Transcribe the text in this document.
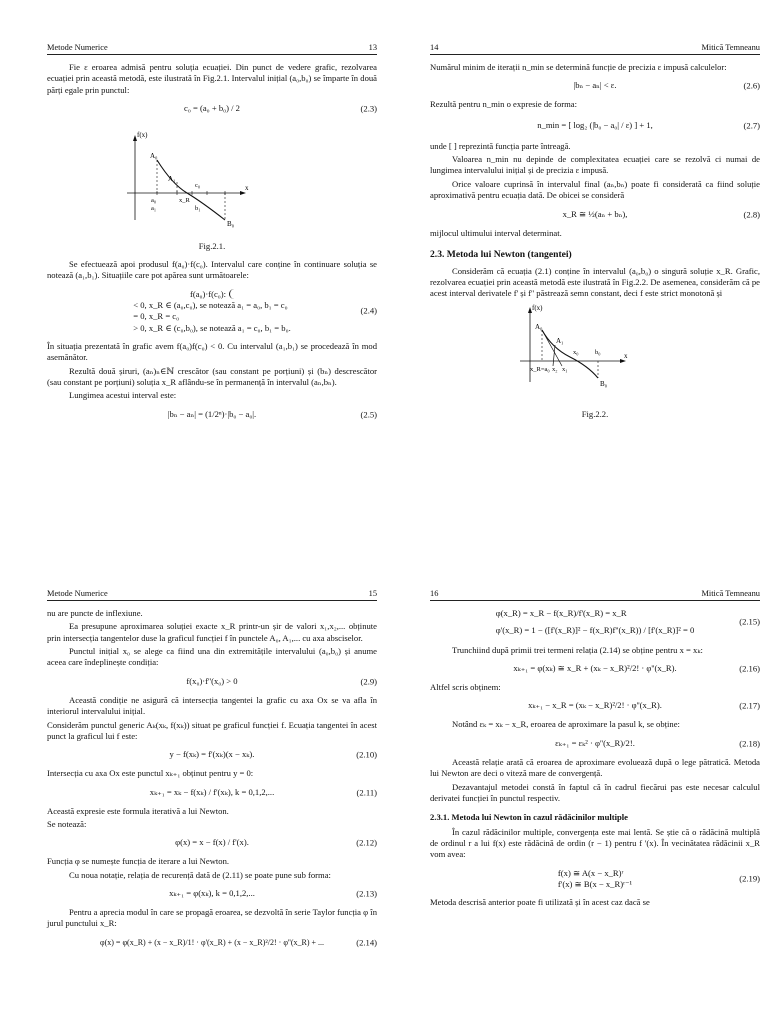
Metode Numerice	13

Fie ε eroarea admisă pentru soluția ecuației. Din punct de vedere grafic, rezolvarea ecuației prin această metodă, este ilustrată în Fig.2.1. Intervalul inițial (a₀,b₀) se împarte în două părți egale prin punctul:

c₀ = (a₀ + b₀) / 2	(2.3)
f(x)
x
A₀
A₁
c₀
x_R
a₀
a₁	b₁
B₀
Fig.2.1.

Se efectuează apoi produsul f(a₀)·f(c₀). Intervalul care conține în continuare soluția se notează (a₁,b₁). Situațiile care pot apărea sunt următoarele:

f(a₀)·f(c₀):
< 0, x_R ∈ (a₀,c₀), se notează a₁ = a₀, b₁ = c₀
= 0, x_R = c₀
> 0, x_R ∈ (c₀,b₀), se notează a₁ = c₀, b₁ = b₀.
(2.4)

În situația prezentată în grafic avem f(a₀)f(c₀) < 0. Cu intervalul (a₁,b₁) se procedează în mod asemănător.

Rezultă două șiruri, (aₙ)ₙ∈ℕ crescător (sau constant pe porțiuni) și (bₙ) descrescător (sau constant pe porțiuni) soluția x_R aflându-se în permanență în intervalul (aₙ,bₙ).

Lungimea acestui interval este:

|bₙ − aₙ| = (1/2ⁿ)·|b₀ − a₀|.	(2.5)
14	Mitică Temneanu

Numărul minim de iterații n_min se determină funcție de precizia ε impusă calculelor:

|bₙ − aₙ| < ε.	(2.6)

Rezultă pentru n_min o expresie de forma:

n_min = [ log₂ (|b₀ − a₀| / ε) ] + 1,	(2.7)

unde [ ] reprezintă funcția parte întreagă.

Valoarea n_min nu depinde de complexitatea ecuației care se rezolvă ci numai de lungimea intervalului inițial și de precizia ε impusă.

Orice valoare cuprinsă în intervalul final (aₙ,bₙ) poate fi considerată ca fiind soluție aproximativă pentru ecuația dată. De obicei se consideră

x_R ≅ ½(aₙ + bₙ),	(2.8)

mijlocul ultimului interval determinat.

2.3. Metoda lui Newton (tangentei)

Considerăm că ecuația (2.1) conține în intervalul (a₀,b₀) o singură soluție x_R. Grafic, rezolvarea ecuației prin această metodă este ilustrată în Fig.2.2. De asemenea, considerăm că pe acest interval derivatele f' și f'' păstrează semn constant, deci f este strict monotonă și

f(x)
x
A₀
A₁
x₀	b₀
B₀
x_R=a₀ x₂ x₁
Fig.2.2.
Metode Numerice	15

nu are puncte de inflexiune.

Ea presupune aproximarea soluției exacte x_R printr-un șir de valori x₁,x₂,... obținute prin intersecția tangentelor duse la graficul funcției f în punctele A₀, A₁,... cu axa absciselor.

Punctul inițial x₀ se alege ca fiind una din extremitățile intervalului (a₀,b₀) și anume aceea care îndeplinește condiția:

f(x₀)·f''(x₀) > 0	(2.9)

Această condiție ne asigură că intersecția tangentei la grafic cu axa Ox se va afla în interiorul intervalului inițial.

Considerăm punctul generic Aₖ(xₖ, f(xₖ)) situat pe graficul funcției f. Ecuația tangentei în acest punct la graficul lui f este:

y − f(xₖ) = f'(xₖ)(x − xₖ).	(2.10)

Intersecția cu axa Ox este punctul xₖ₊₁ obținut pentru y = 0:

xₖ₊₁ = xₖ − f(xₖ) / f'(xₖ), k = 0,1,2,...	(2.11)

Această expresie este formula iterativă a lui Newton.

Se notează:

φ(x) = x − f(x) / f'(x).	(2.12)

Funcția φ se numește funcția de iterare a lui Newton.

Cu noua notație, relația de recurență dată de (2.11) se poate pune sub forma:

xₖ₊₁ = φ(xₖ), k = 0,1,2,...	(2.13)

Pentru a aprecia modul în care se propagă eroarea, se dezvoltă în serie Taylor funcția φ în jurul punctului x_R:

φ(x) = φ(x_R) + (x − x_R)/1! · φ'(x_R) + (x − x_R)²/2! · φ''(x_R) + ...	(2.14)
16	Mitică Temneanu
φ(x_R) = x_R − f(x_R)/f'(x_R) = x_R
φ'(x_R) = 1 − ([f'(x_R)]² − f(x_R)f''(x_R)) / [f'(x_R)]² = 0
(2.15)

Trunchiind după primii trei termeni relația (2.14) se obține pentru x = xₖ:

xₖ₊₁ = φ(xₖ) ≅ x_R + (xₖ − x_R)²/2! · φ''(x_R).	(2.16)

Altfel scris obținem:

xₖ₊₁ − x_R = (xₖ − x_R)²/2! · φ''(x_R).	(2.17)

Notând εₖ = xₖ − x_R, eroarea de aproximare la pasul k, se obține:

εₖ₊₁ = εₖ² · φ''(x_R)/2!.	(2.18)

Această relație arată că eroarea de aproximare evoluează după o lege pătratică. Metoda lui Newton are deci o viteză mare de convergență.

Dezavantajul metodei constă în faptul că în cadrul fiecărui pas este necesar calculul derivatei funcției în punctul respectiv.

2.3.1. Metoda lui Newton în cazul rădăcinilor multiple

În cazul rădăcinilor multiple, convergența este mai lentă. Se știe că o rădăcină multiplă de ordinul r a lui f(x) este rădăcină de ordin (r − 1) pentru f '(x). În vecinătatea rădăcinii x_R vom avea:

f(x) ≅ A(x − x_R)ʳ
f'(x) ≅ B(x − x_R)ʳ⁻¹
(2.19)

Metoda descrisă anterior poate fi utilizată și în acest caz dacă se
